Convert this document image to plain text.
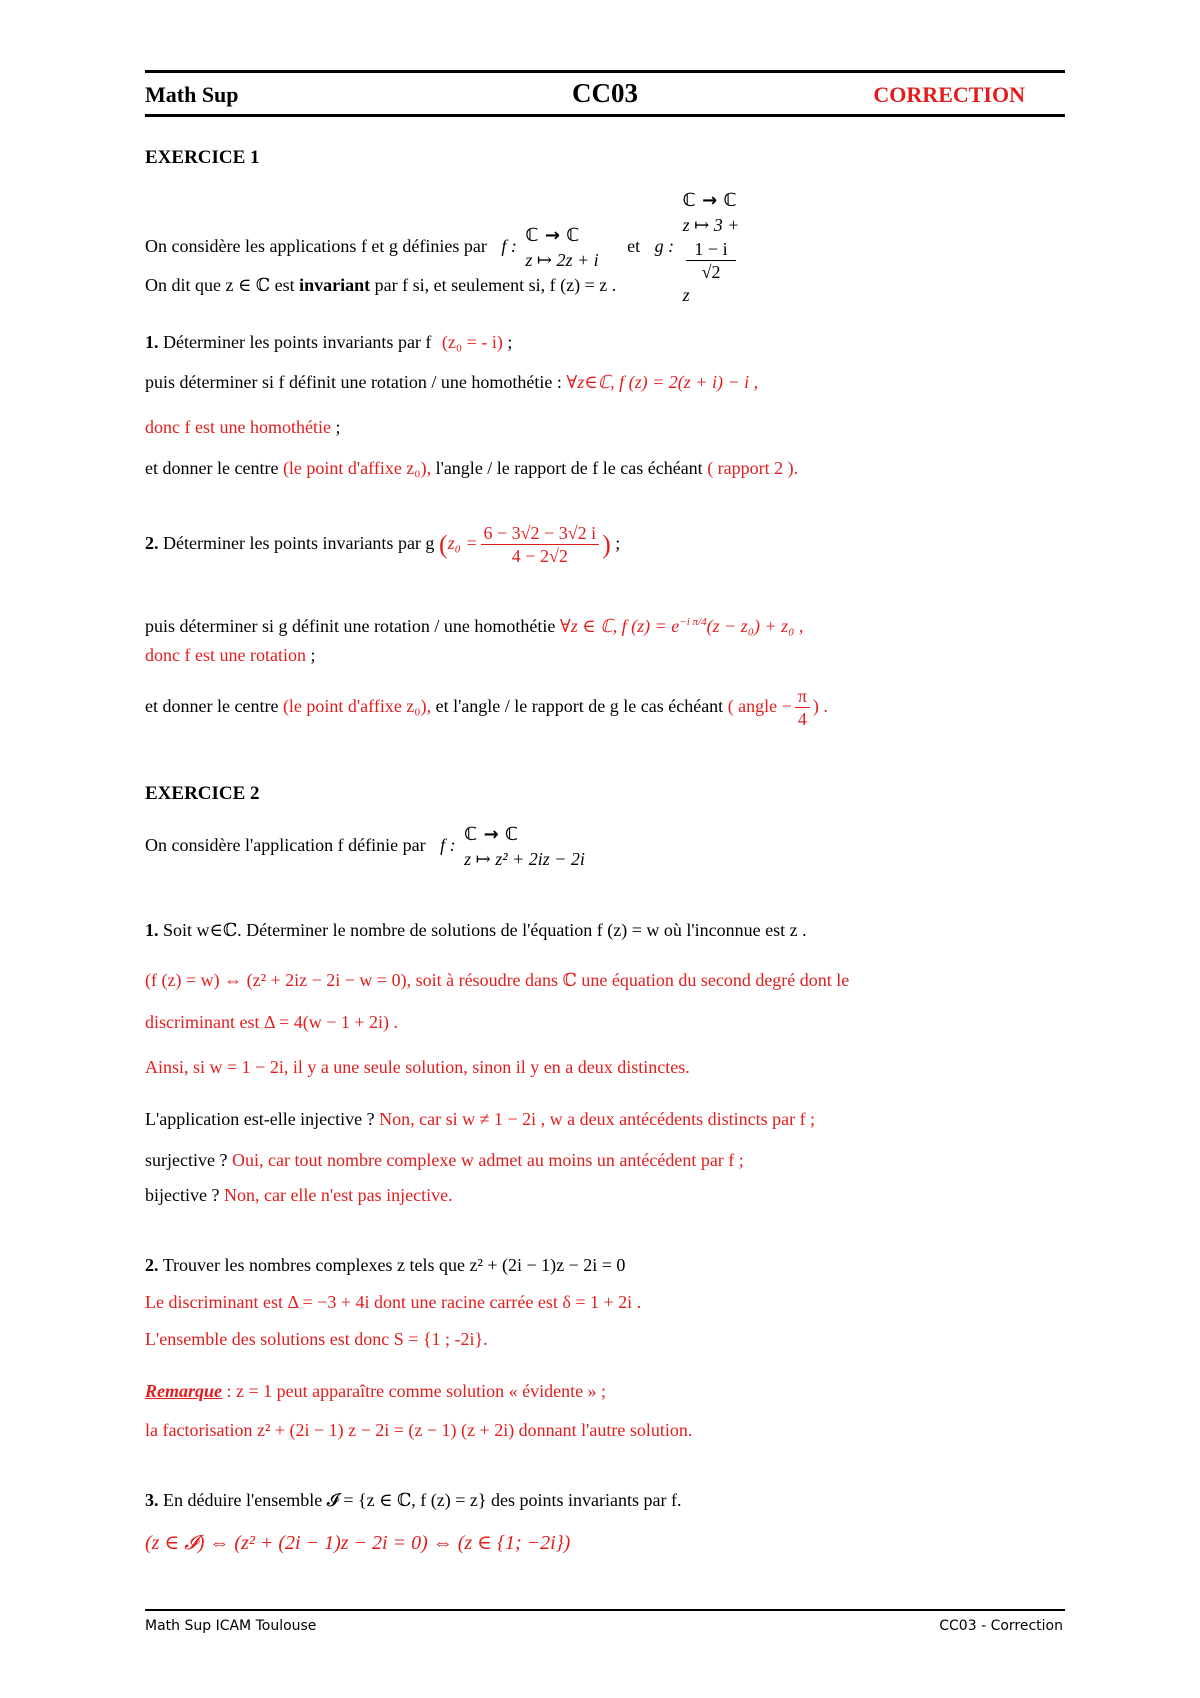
Math Sup	CC03	CORRECTION
EXERCICE 1
On considère les applications f et g définies par f :
ℂ → ℂ
z ↦ 2z + i
et g :
ℂ → ℂ
z ↦ 3 +
1 − i
√2
z
On dit que z ∈ ℂ est invariant par f si, et seulement si, f (z) = z .
1. Déterminer les points invariants par f (z₀ = - i) ;
puis déterminer si f définit une rotation / une homothétie : ∀z∈ℂ, f (z) = 2(z + i) − i ,
donc f est une homothétie ;
et donner le centre (le point d'affixe z₀), l'angle / le rapport de f le cas échéant ( rapport 2 ).
2. Déterminer les points invariants par g ($z_0 = \frac{6 - 3√2 - 3√2 i}{4 - 2√2}$ ) ;
puis déterminer si g définit une rotation / une homothétie ∀z ∈ ℂ, f $(z) = e^{-i \pi/4}(z - z_0) + z_0$ ,
donc f est une rotation ;
et donner le centre (le point d'affixe z₀), et l'angle / le rapport de g le cas échéant ( angle − $\frac{\pi}{4}$ ) .
EXERCICE 2
On considère l'application f définie par f :
ℂ → ℂ
z ↦ z² + 2iz − 2i
1. Soit w∈ℂ. Déterminer le nombre de solutions de l'équation f (z) = w où l'inconnue est z .
(f (z) = w) ⇔ (z² + 2iz − 2i − w = 0), soit à résoudre dans ℂ une équation du second degré dont le
discriminant est Δ = 4(w − 1 + 2i) .
Ainsi, si w = 1 − 2i, il y a une seule solution, sinon il y en a deux distinctes.
L'application est-elle injective ? Non, car si w ≠ 1 − 2i , w a deux antécédents distincts par f ;
surjective ? Oui, car tout nombre complexe w admet au moins un antécédent par f ;
bijective ? Non, car elle n'est pas injective.
2. Trouver les nombres complexes z tels que z² + (2i − 1)z − 2i = 0
Le discriminant est Δ = −3 + 4i dont une racine carrée est δ = 1 + 2i .
L'ensemble des solutions est donc S = {1 ; -2i}.
Remarque : z = 1 peut apparaître comme solution « évidente » ;
la factorisation z² + (2i − 1) z − 2i = (z − 1) (z + 2i) donnant l'autre solution.
3. En déduire l'ensemble 𝓘 = {z ∈ ℂ, f (z) = z} des points invariants par f.
(z ∈ 𝓘) ⇔ (z² + (2i − 1)z − 2i = 0) ⇔ (z ∈ {1; −2i})
Math Sup ICAM Toulouse	CC03 - Correction
